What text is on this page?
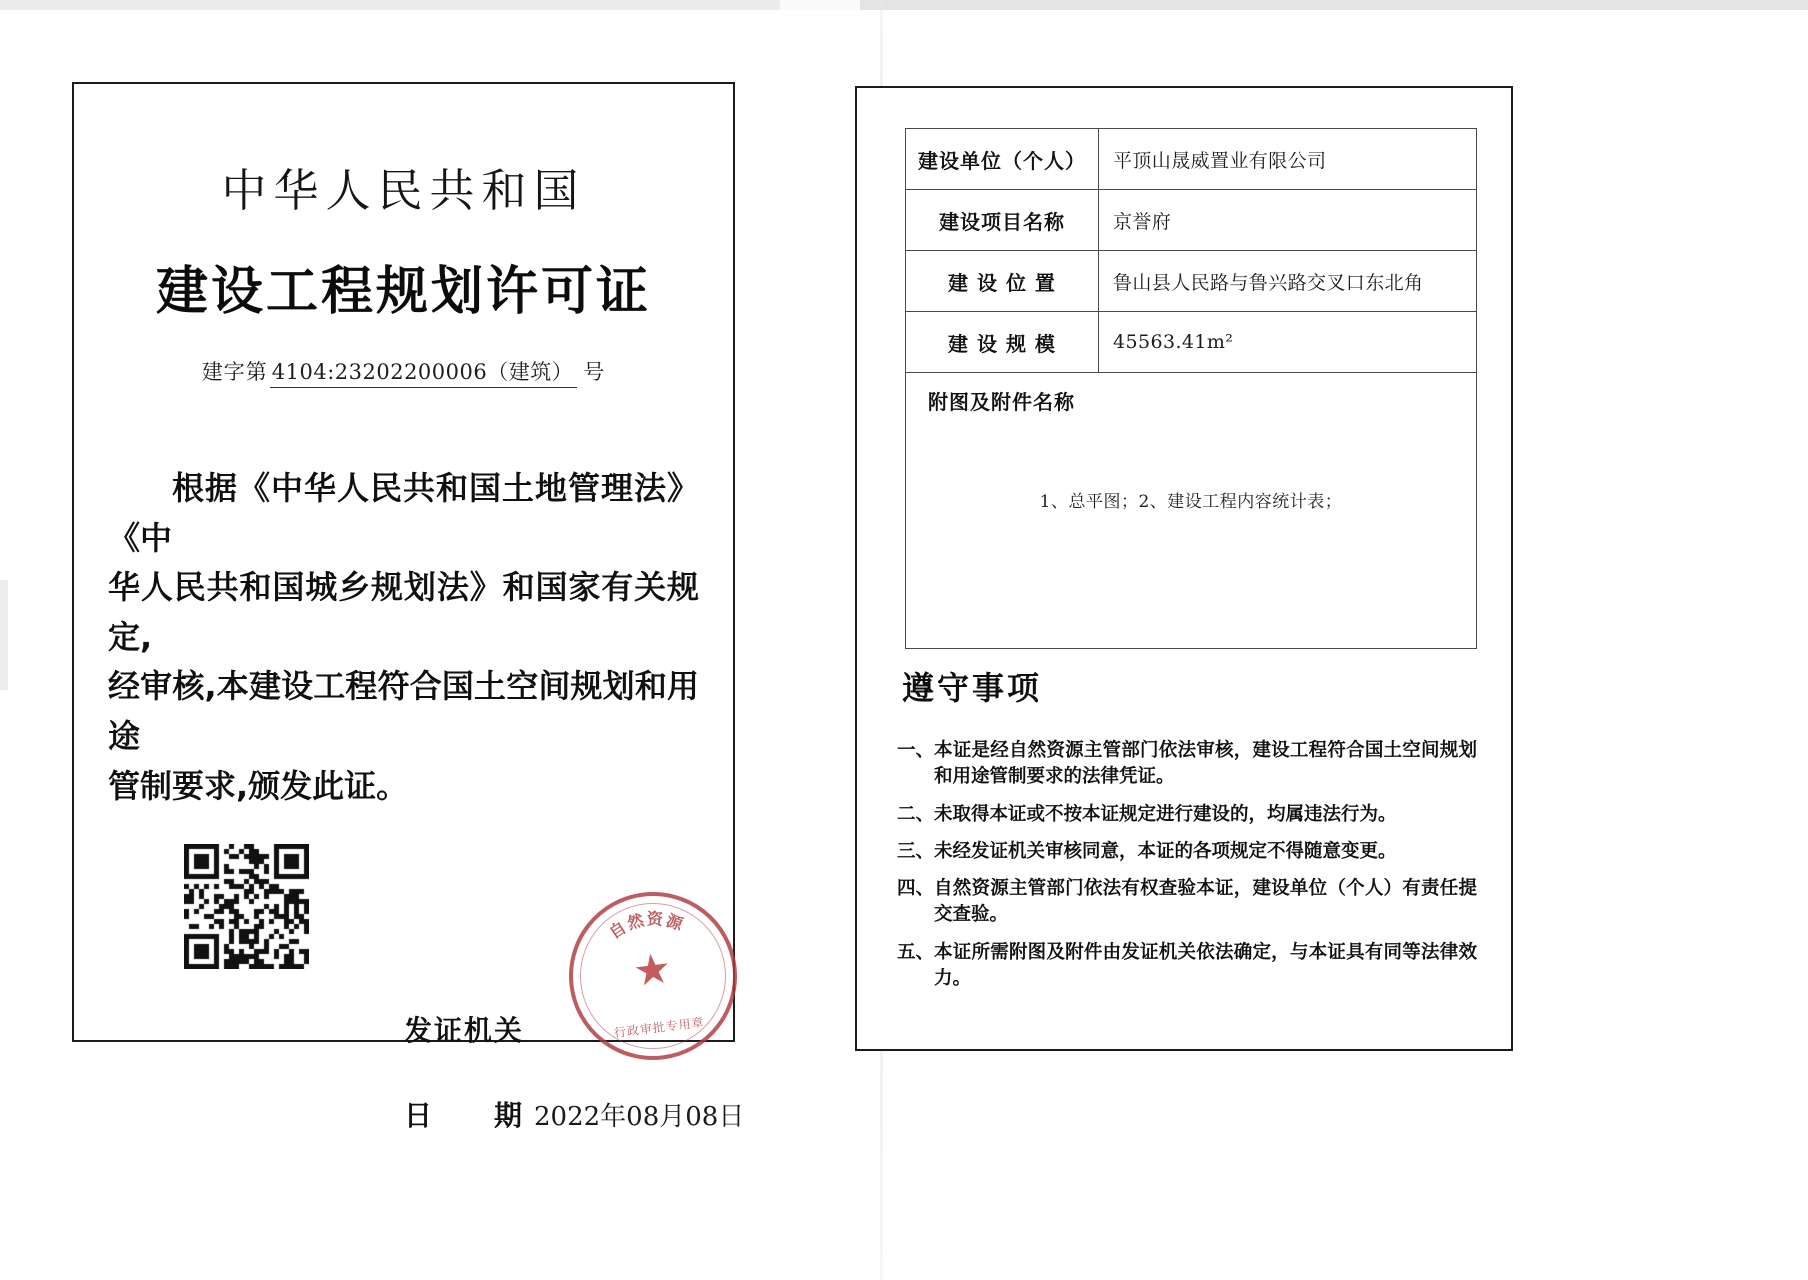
中华人民共和国
建设工程规划许可证
建字第 4104:23202200006（建筑） 号
根据《中华人民共和国土地管理法》《中
华人民共和国城乡规划法》和国家有关规定,
经审核,本建设工程符合国土空间规划和用途
管制要求,颁发此证。
发证机关
日　　期 2022年08月08日
自然资源
★
行政审批专用章
建设单位（个人）	平顶山晟威置业有限公司
建设项目名称	京誉府
建 设 位 置	鲁山县人民路与鲁兴路交叉口东北角
建 设 规 模	45563.41m²
附图及附件名称	
1、总平图；2、建设工程内容统计表；	
遵守事项
一、 本证是经自然资源主管部门依法审核，建设工程符合国土空间规划和用途管制要求的法律凭证。
二、 未取得本证或不按本证规定进行建设的，均属违法行为。
三、 未经发证机关审核同意，本证的各项规定不得随意变更。
四、 自然资源主管部门依法有权查验本证，建设单位（个人）有责任提交查验。
五、 本证所需附图及附件由发证机关依法确定，与本证具有同等法律效力。
